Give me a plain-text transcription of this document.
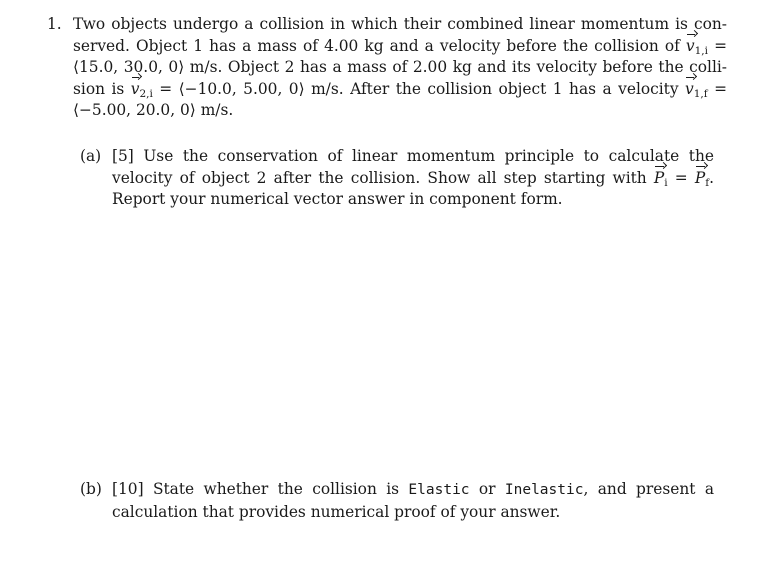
1. Two objects undergo a collision in which their combined linear momentum is con- served. Object 1 has a mass of 4.00 kg and a velocity before the collision of $v_{1,i}$ = ⟨15.0, 30.0, 0⟩ m/s. Object 2 has a mass of 2.00 kg and its velocity before the colli- sion is $v_{2,i}$ = ⟨−10.0, 5.00, 0⟩ m/s. After the collision object 1 has a velocity $v_{1,f}$ = ⟨−5.00, 20.0, 0⟩ m/s.
(a) [5] Use the conservation of linear momentum principle to calculate the velocity of object 2 after the collision. Show all step starting with $P_i = P_f$. Report your numerical vector answer in component form.
(b) [10] State whether the collision is Elastic or Inelastic, and present a calculation that provides numerical proof of your answer.
